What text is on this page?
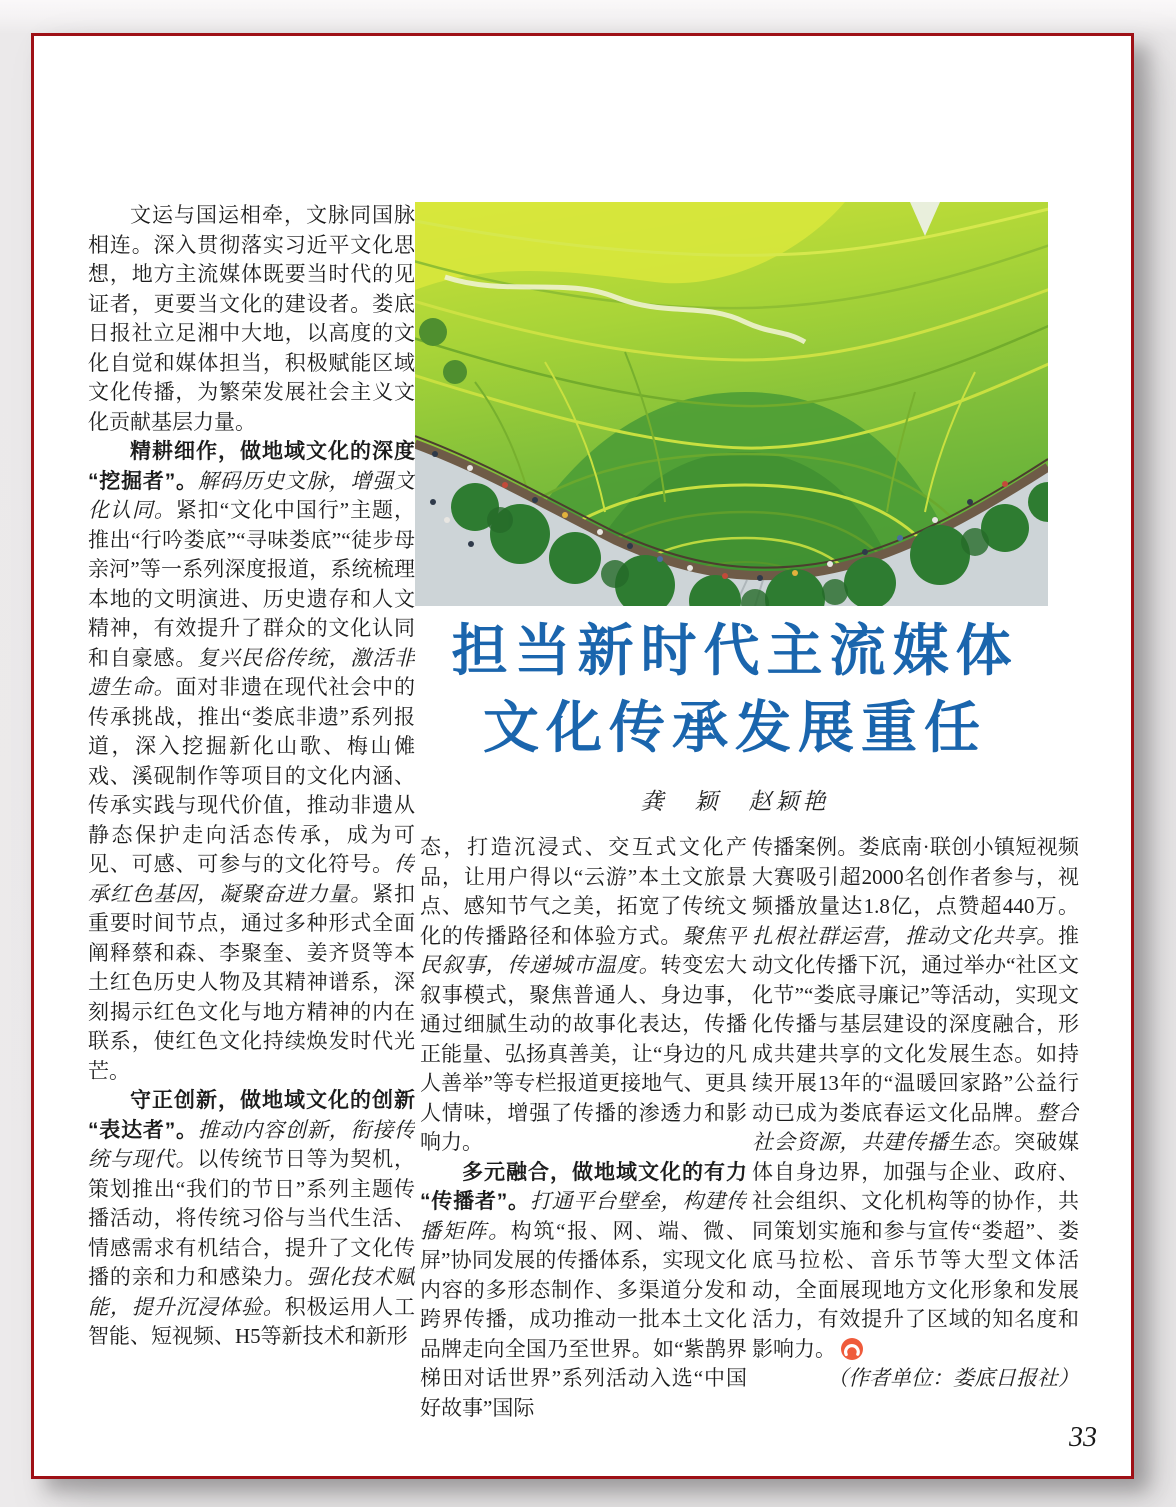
担当新时代主流媒体
文化传承发展重任
龚　颖　赵颖艳

文运与国运相牵，文脉同国脉相连。深入贯彻落实习近平文化思想，地方主流媒体既要当时代的见证者，更要当文化的建设者。娄底日报社立足湘中大地，以高度的文化自觉和媒体担当，积极赋能区域文化传播，为繁荣发展社会主义文化贡献基层力量。

精耕细作，做地域文化的深度“挖掘者”。解码历史文脉，增强文化认同。紧扣“文化中国行”主题，推出“行吟娄底”“寻味娄底”“徒步母亲河”等一系列深度报道，系统梳理本地的文明演进、历史遗存和人文精神，有效提升了群众的文化认同和自豪感。复兴民俗传统，激活非遗生命。面对非遗在现代社会中的传承挑战，推出“娄底非遗”系列报道，深入挖掘新化山歌、梅山傩戏、溪砚制作等项目的文化内涵、传承实践与现代价值，推动非遗从静态保护走向活态传承，成为可见、可感、可参与的文化符号。传承红色基因，凝聚奋进力量。紧扣重要时间节点，通过多种形式全面阐释蔡和森、李聚奎、姜齐贤等本土红色历史人物及其精神谱系，深刻揭示红色文化与地方精神的内在联系，使红色文化持续焕发时代光芒。

守正创新，做地域文化的创新“表达者”。推动内容创新，衔接传统与现代。以传统节日等为契机，策划推出“我们的节日”系列主题传播活动，将传统习俗与当代生活、情感需求有机结合，提升了文化传播的亲和力和感染力。强化技术赋能，提升沉浸体验。积极运用人工智能、短视频、H5等新技术和新形

态，打造沉浸式、交互式文化产品，让用户得以“云游”本土文旅景点、感知节气之美，拓宽了传统文化的传播路径和体验方式。聚焦平民叙事，传递城市温度。转变宏大叙事模式，聚焦普通人、身边事，通过细腻生动的故事化表达，传播正能量、弘扬真善美，让“身边的凡人善举”等专栏报道更接地气、更具人情味，增强了传播的渗透力和影响力。

多元融合，做地域文化的有力“传播者”。打通平台壁垒，构建传播矩阵。构筑“报、网、端、微、屏”协同发展的传播体系，实现文化内容的多形态制作、多渠道分发和跨界传播，成功推动一批本土文化品牌走向全国乃至世界。如“紫鹊界梯田对话世界”系列活动入选“中国好故事”国际

传播案例。娄底南·联创小镇短视频大赛吸引超2000名创作者参与，视频播放量达1.8亿，点赞超440万。扎根社群运营，推动文化共享。推动文化传播下沉，通过举办“社区文化节”“娄底寻廉记”等活动，实现文化传播与基层建设的深度融合，形成共建共享的文化发展生态。如持续开展13年的“温暖回家路”公益行动已成为娄底春运文化品牌。整合社会资源，共建传播生态。突破媒体自身边界，加强与企业、政府、社会组织、文化机构等的协作，共同策划实施和参与宣传“娄超”、娄底马拉松、音乐节等大型文体活动，全面展现地方文化形象和发展活力，有效提升了区域的知名度和影响力。

（作者单位：娄底日报社）

33
